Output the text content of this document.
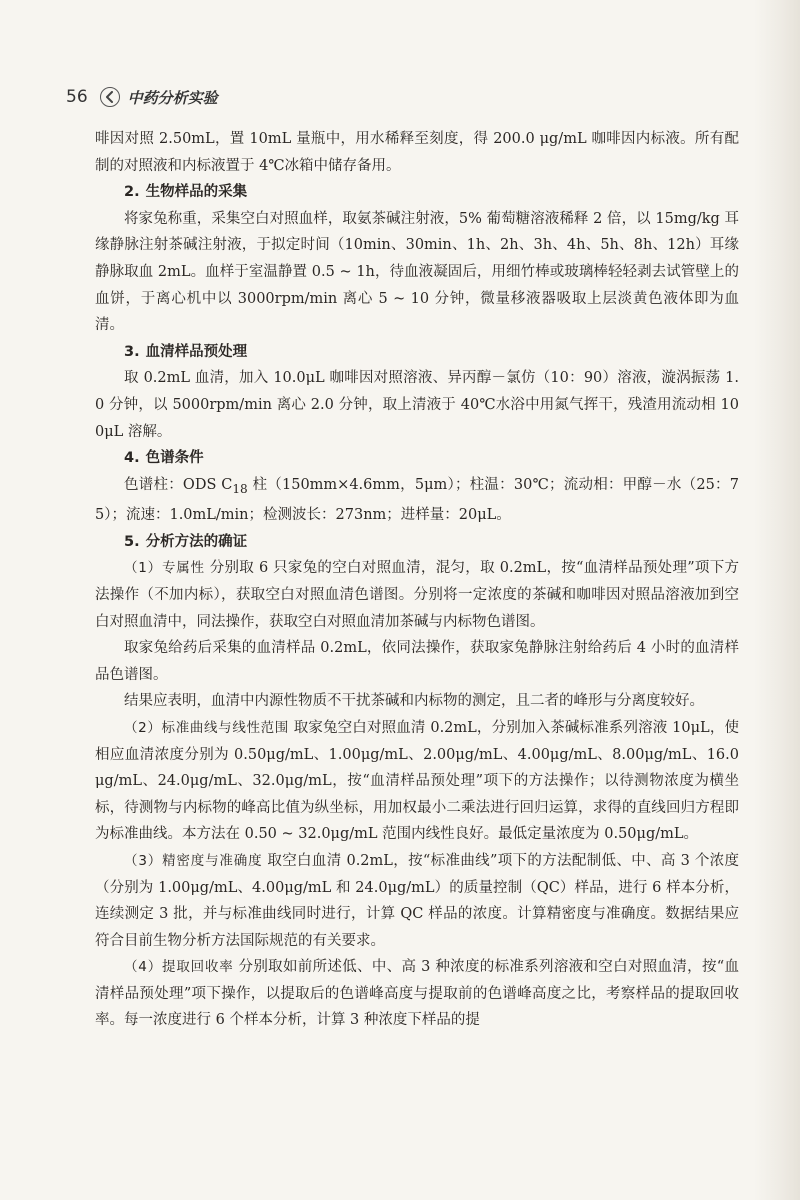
56	中药分析实验

啡因对照 2.50mL，置 10mL 量瓶中，用水稀释至刻度，得 200.0 μg/mL 咖啡因内标液。所有配制的对照液和内标液置于 4℃冰箱中储存备用。

2. 生物样品的采集

将家兔称重，采集空白对照血样，取氨茶碱注射液，5% 葡萄糖溶液稀释 2 倍，以 15mg/kg 耳缘静脉注射茶碱注射液，于拟定时间（10min、30min、1h、2h、3h、4h、5h、8h、12h）耳缘静脉取血 2mL。血样于室温静置 0.5 ~ 1h，待血液凝固后，用细竹棒或玻璃棒轻轻剥去试管壁上的血饼，于离心机中以 3000rpm/min 离心 5 ~ 10 分钟，微量移液器吸取上层淡黄色液体即为血清。

3. 血清样品预处理

取 0.2mL 血清，加入 10.0μL 咖啡因对照溶液、异丙醇－氯仿（10：90）溶液，漩涡振荡 1.0 分钟，以 5000rpm/min 离心 2.0 分钟，取上清液于 40℃水浴中用氮气挥干，残渣用流动相 100μL 溶解。

4. 色谱条件

色谱柱：ODS $C_{18}$ 柱（150mm×4.6mm，5μm）；柱温：30℃；流动相：甲醇－水（25：75）；流速：1.0mL/min；检测波长：273nm；进样量：20μL。

5. 分析方法的确证

（1）专属性 分别取 6 只家兔的空白对照血清，混匀，取 0.2mL，按“血清样品预处理”项下方法操作（不加内标），获取空白对照血清色谱图。分别将一定浓度的茶碱和咖啡因对照品溶液加到空白对照血清中，同法操作，获取空白对照血清加茶碱与内标物色谱图。

取家兔给药后采集的血清样品 0.2mL，依同法操作，获取家兔静脉注射给药后 4 小时的血清样品色谱图。

结果应表明，血清中内源性物质不干扰茶碱和内标物的测定，且二者的峰形与分离度较好。

（2）标准曲线与线性范围 取家兔空白对照血清 0.2mL，分别加入茶碱标准系列溶液 10μL，使相应血清浓度分别为 0.50μg/mL、1.00μg/mL、2.00μg/mL、4.00μg/mL、8.00μg/mL、16.0μg/mL、24.0μg/mL、32.0μg/mL，按“血清样品预处理”项下的方法操作；以待测物浓度为横坐标，待测物与内标物的峰高比值为纵坐标，用加权最小二乘法进行回归运算，求得的直线回归方程即为标准曲线。本方法在 0.50 ~ 32.0μg/mL 范围内线性良好。最低定量浓度为 0.50μg/mL。

（3）精密度与准确度 取空白血清 0.2mL，按“标准曲线”项下的方法配制低、中、高 3 个浓度（分别为 1.00μg/mL、4.00μg/mL 和 24.0μg/mL）的质量控制（QC）样品，进行 6 样本分析，连续测定 3 批，并与标准曲线同时进行，计算 QC 样品的浓度。计算精密度与准确度。数据结果应符合目前生物分析方法国际规范的有关要求。

（4）提取回收率 分别取如前所述低、中、高 3 种浓度的标准系列溶液和空白对照血清，按“血清样品预处理”项下操作，以提取后的色谱峰高度与提取前的色谱峰高度之比，考察样品的提取回收率。每一浓度进行 6 个样本分析，计算 3 种浓度下样品的提
